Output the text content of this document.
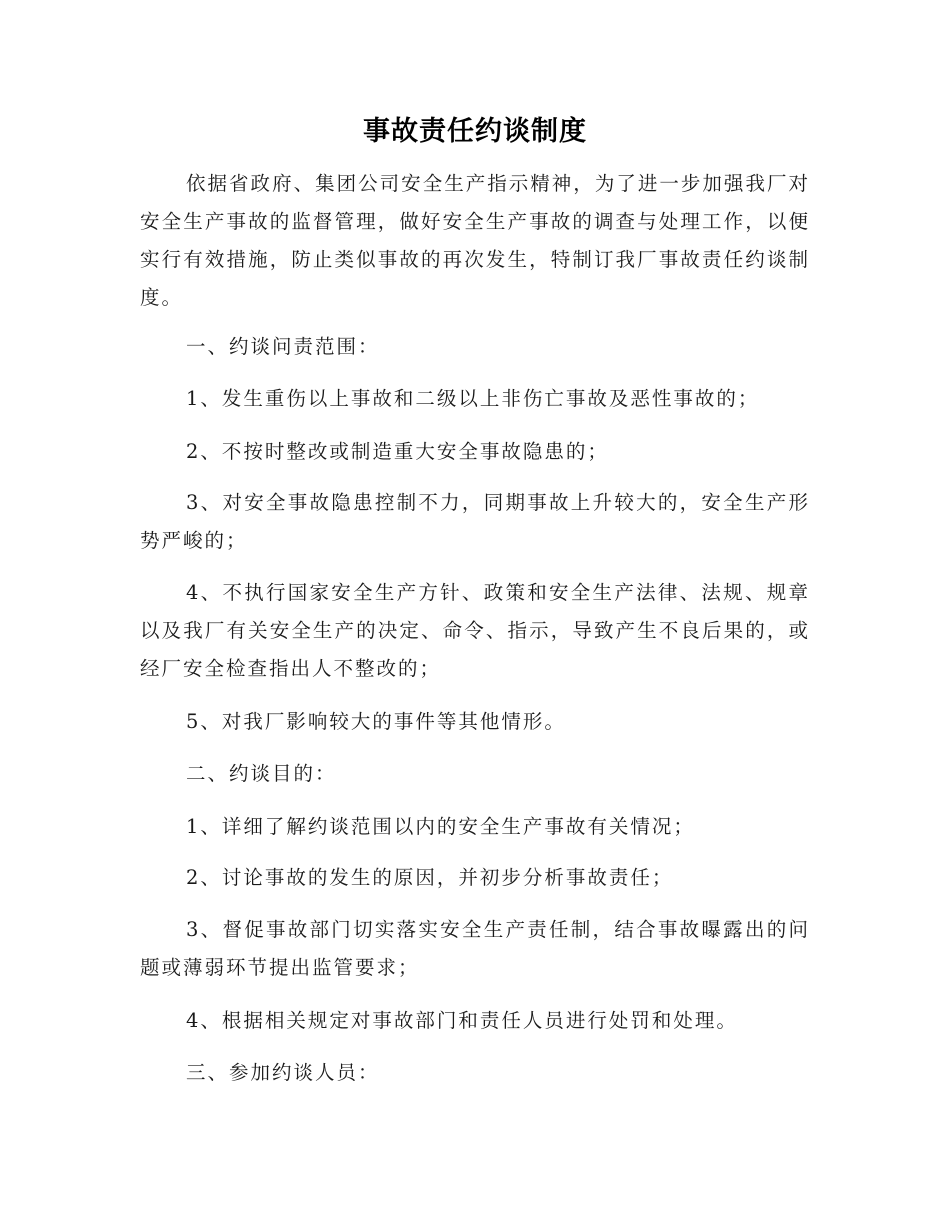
事故责任约谈制度

依据省政府、集团公司安全生产指示精神，为了进一步加强我厂对安全生产事故的监督管理，做好安全生产事故的调查与处理工作，以便实行有效措施，防止类似事故的再次发生，特制订我厂事故责任约谈制度。

一、约谈问责范围：

1、发生重伤以上事故和二级以上非伤亡事故及恶性事故的；

2、不按时整改或制造重大安全事故隐患的；

3、对安全事故隐患控制不力，同期事故上升较大的，安全生产形势严峻的；

4、不执行国家安全生产方针、政策和安全生产法律、法规、规章以及我厂有关安全生产的决定、命令、指示，导致产生不良后果的，或经厂安全检查指出人不整改的；

5、对我厂影响较大的事件等其他情形。

二、约谈目的：

1、详细了解约谈范围以内的安全生产事故有关情况；

2、讨论事故的发生的原因，并初步分析事故责任；

3、督促事故部门切实落实安全生产责任制，结合事故曝露出的问题或薄弱环节提出监管要求；

4、根据相关规定对事故部门和责任人员进行处罚和处理。

三、参加约谈人员：
